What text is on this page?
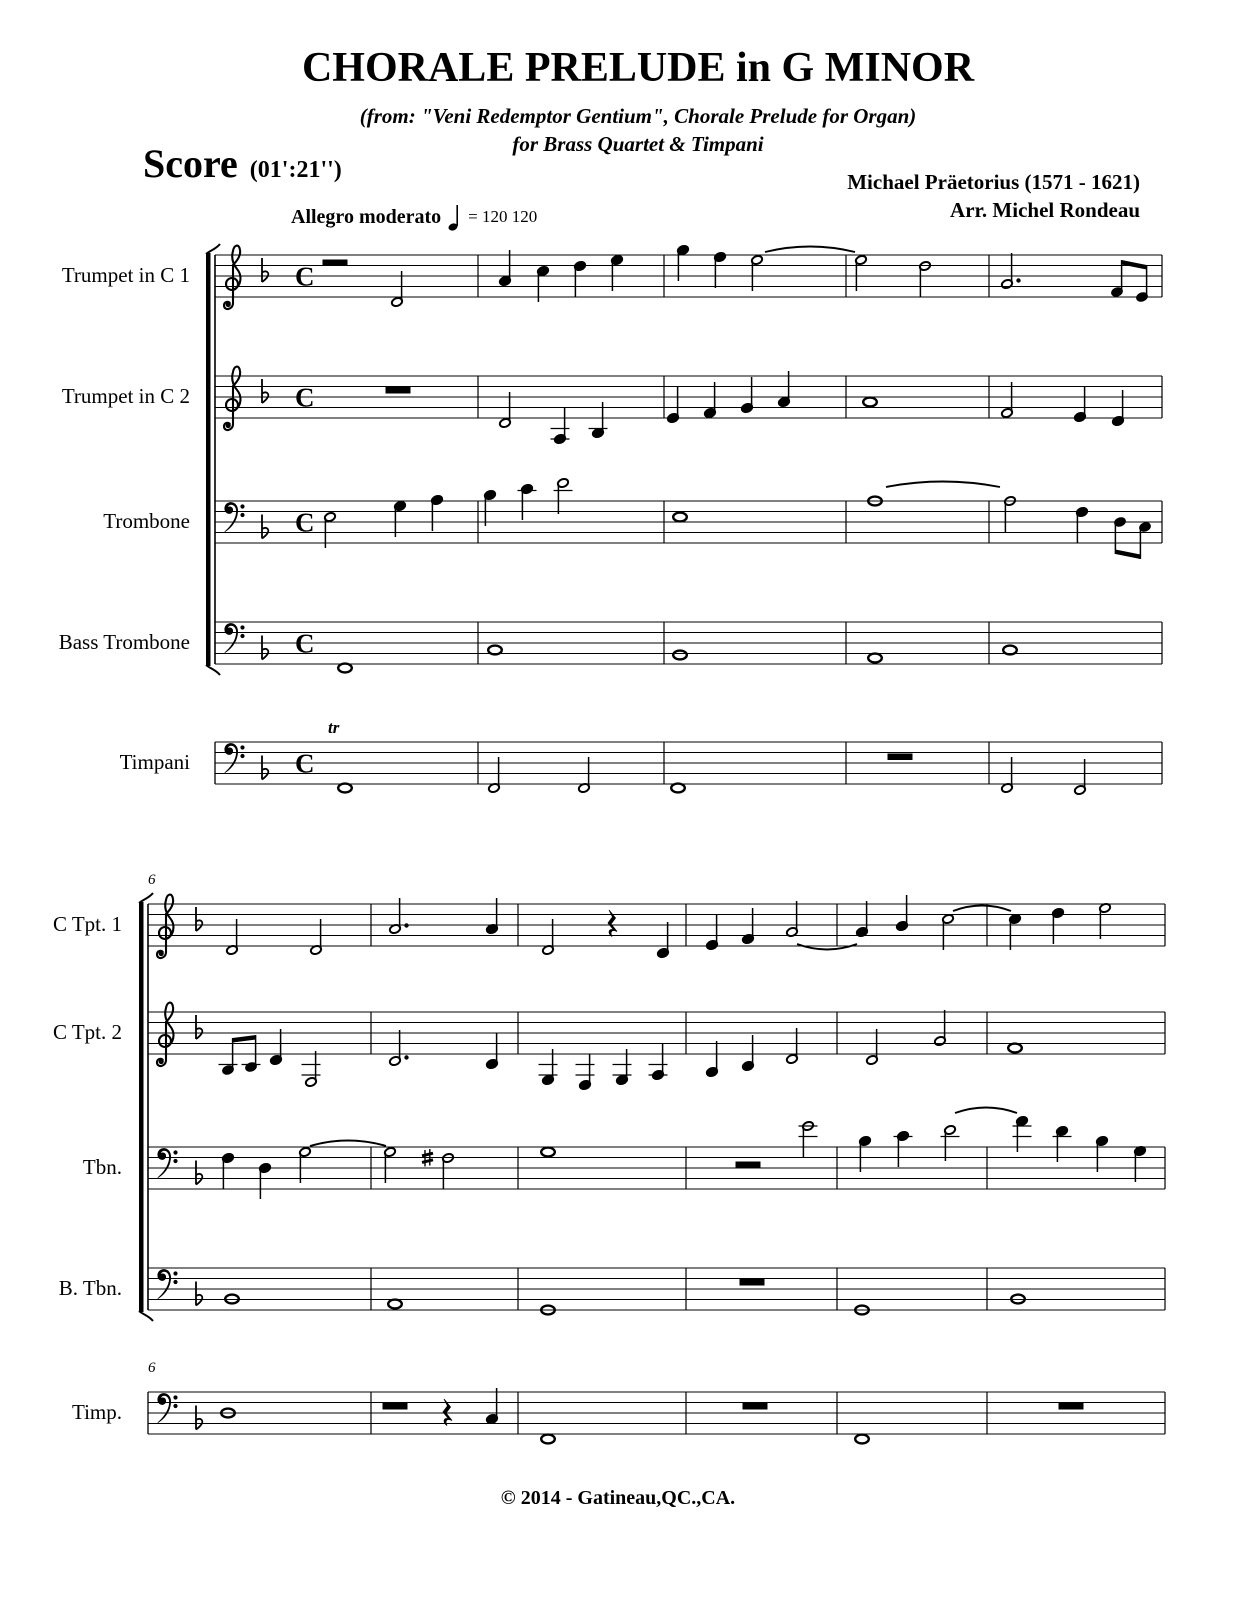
CHORALE PRELUDE in G MINOR
(from: "Veni Redemptor Gentium", Chorale Prelude for Organ)
for Brass Quartet & Timpani
Score (01':21'')	Michael Präetorius (1571 - 1621)
Arr. Michel Rondeau
Allegro moderato = 120 120
C
C
C
C
C
tr
6
6
Trumpet in C 1
Trumpet in C 2
Trombone
Bass Trombone
Timpani
C Tpt. 1
C Tpt. 2
Tbn.
B. Tbn.
Timp.
© 2014 - Gatineau,QC.,CA.
